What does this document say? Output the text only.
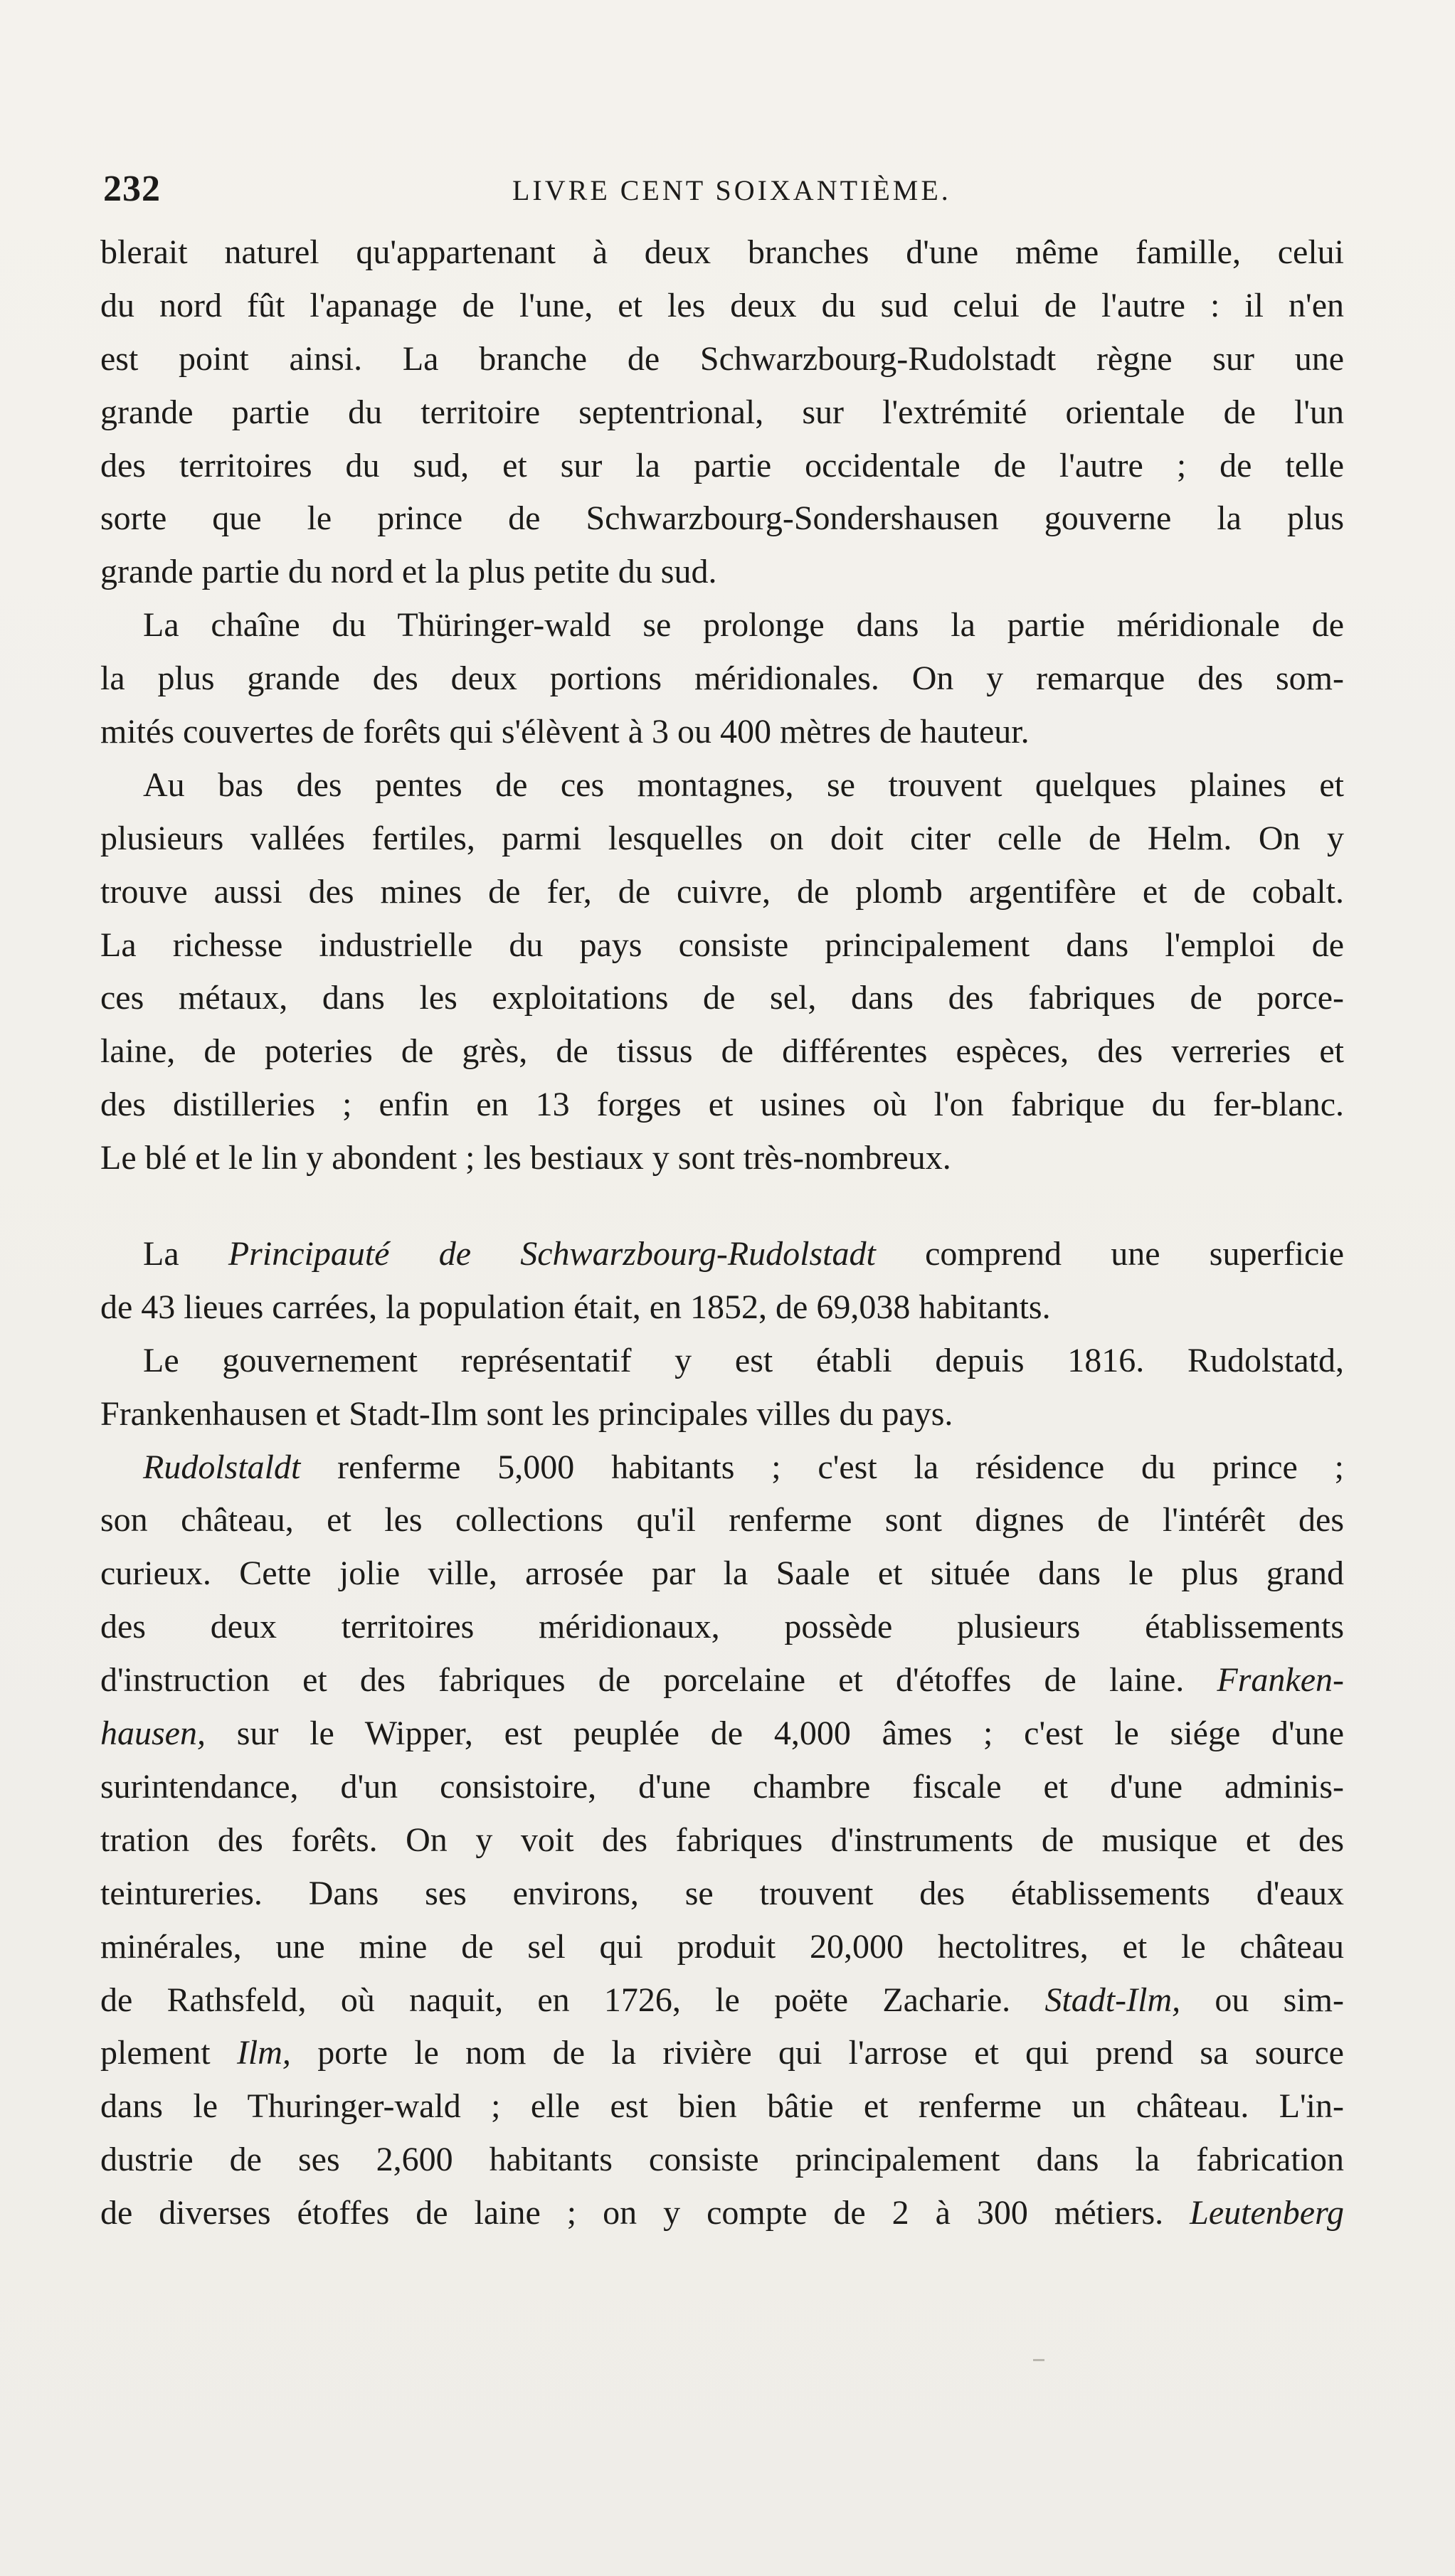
232	LIVRE CENT SOIXANTIÈME.
blerait naturel qu'appartenant à deux branches d'une même famille, celui
du nord fût l'apanage de l'une, et les deux du sud celui de l'autre : il n'en
est point ainsi. La branche de Schwarzbourg-Rudolstadt règne sur une
grande partie du territoire septentrional, sur l'extrémité orientale de l'un
des territoires du sud, et sur la partie occidentale de l'autre ; de telle
sorte que le prince de Schwarzbourg-Sondershausen gouverne la plus
grande partie du nord et la plus petite du sud.
La chaîne du Thüringer-wald se prolonge dans la partie méridionale de
la plus grande des deux portions méridionales. On y remarque des som-
mités couvertes de forêts qui s'élèvent à 3 ou 400 mètres de hauteur.
Au bas des pentes de ces montagnes, se trouvent quelques plaines et
plusieurs vallées fertiles, parmi lesquelles on doit citer celle de Helm. On y
trouve aussi des mines de fer, de cuivre, de plomb argentifère et de cobalt.
La richesse industrielle du pays consiste principalement dans l'emploi de
ces métaux, dans les exploitations de sel, dans des fabriques de porce-
laine, de poteries de grès, de tissus de différentes espèces, des verreries et
des distilleries ; enfin en 13 forges et usines où l'on fabrique du fer-blanc.
Le blé et le lin y abondent ; les bestiaux y sont très-nombreux.
La Principauté de Schwarzbourg-Rudolstadt comprend une superficie
de 43 lieues carrées, la population était, en 1852, de 69,038 habitants.
Le gouvernement représentatif y est établi depuis 1816. Rudolstatd,
Frankenhausen et Stadt-Ilm sont les principales villes du pays.
Rudolstaldt renferme 5,000 habitants ; c'est la résidence du prince ;
son château, et les collections qu'il renferme sont dignes de l'intérêt des
curieux. Cette jolie ville, arrosée par la Saale et située dans le plus grand
des deux territoires méridionaux, possède plusieurs établissements
d'instruction et des fabriques de porcelaine et d'étoffes de laine. Franken-
hausen, sur le Wipper, est peuplée de 4,000 âmes ; c'est le siége d'une
surintendance, d'un consistoire, d'une chambre fiscale et d'une adminis-
tration des forêts. On y voit des fabriques d'instruments de musique et des
teintureries. Dans ses environs, se trouvent des établissements d'eaux
minérales, une mine de sel qui produit 20,000 hectolitres, et le château
de Rathsfeld, où naquit, en 1726, le poëte Zacharie. Stadt-Ilm, ou sim-
plement Ilm, porte le nom de la rivière qui l'arrose et qui prend sa source
dans le Thuringer-wald ; elle est bien bâtie et renferme un château. L'in-
dustrie de ses 2,600 habitants consiste principalement dans la fabrication
de diverses étoffes de laine ; on y compte de 2 à 300 métiers. Leutenberg
